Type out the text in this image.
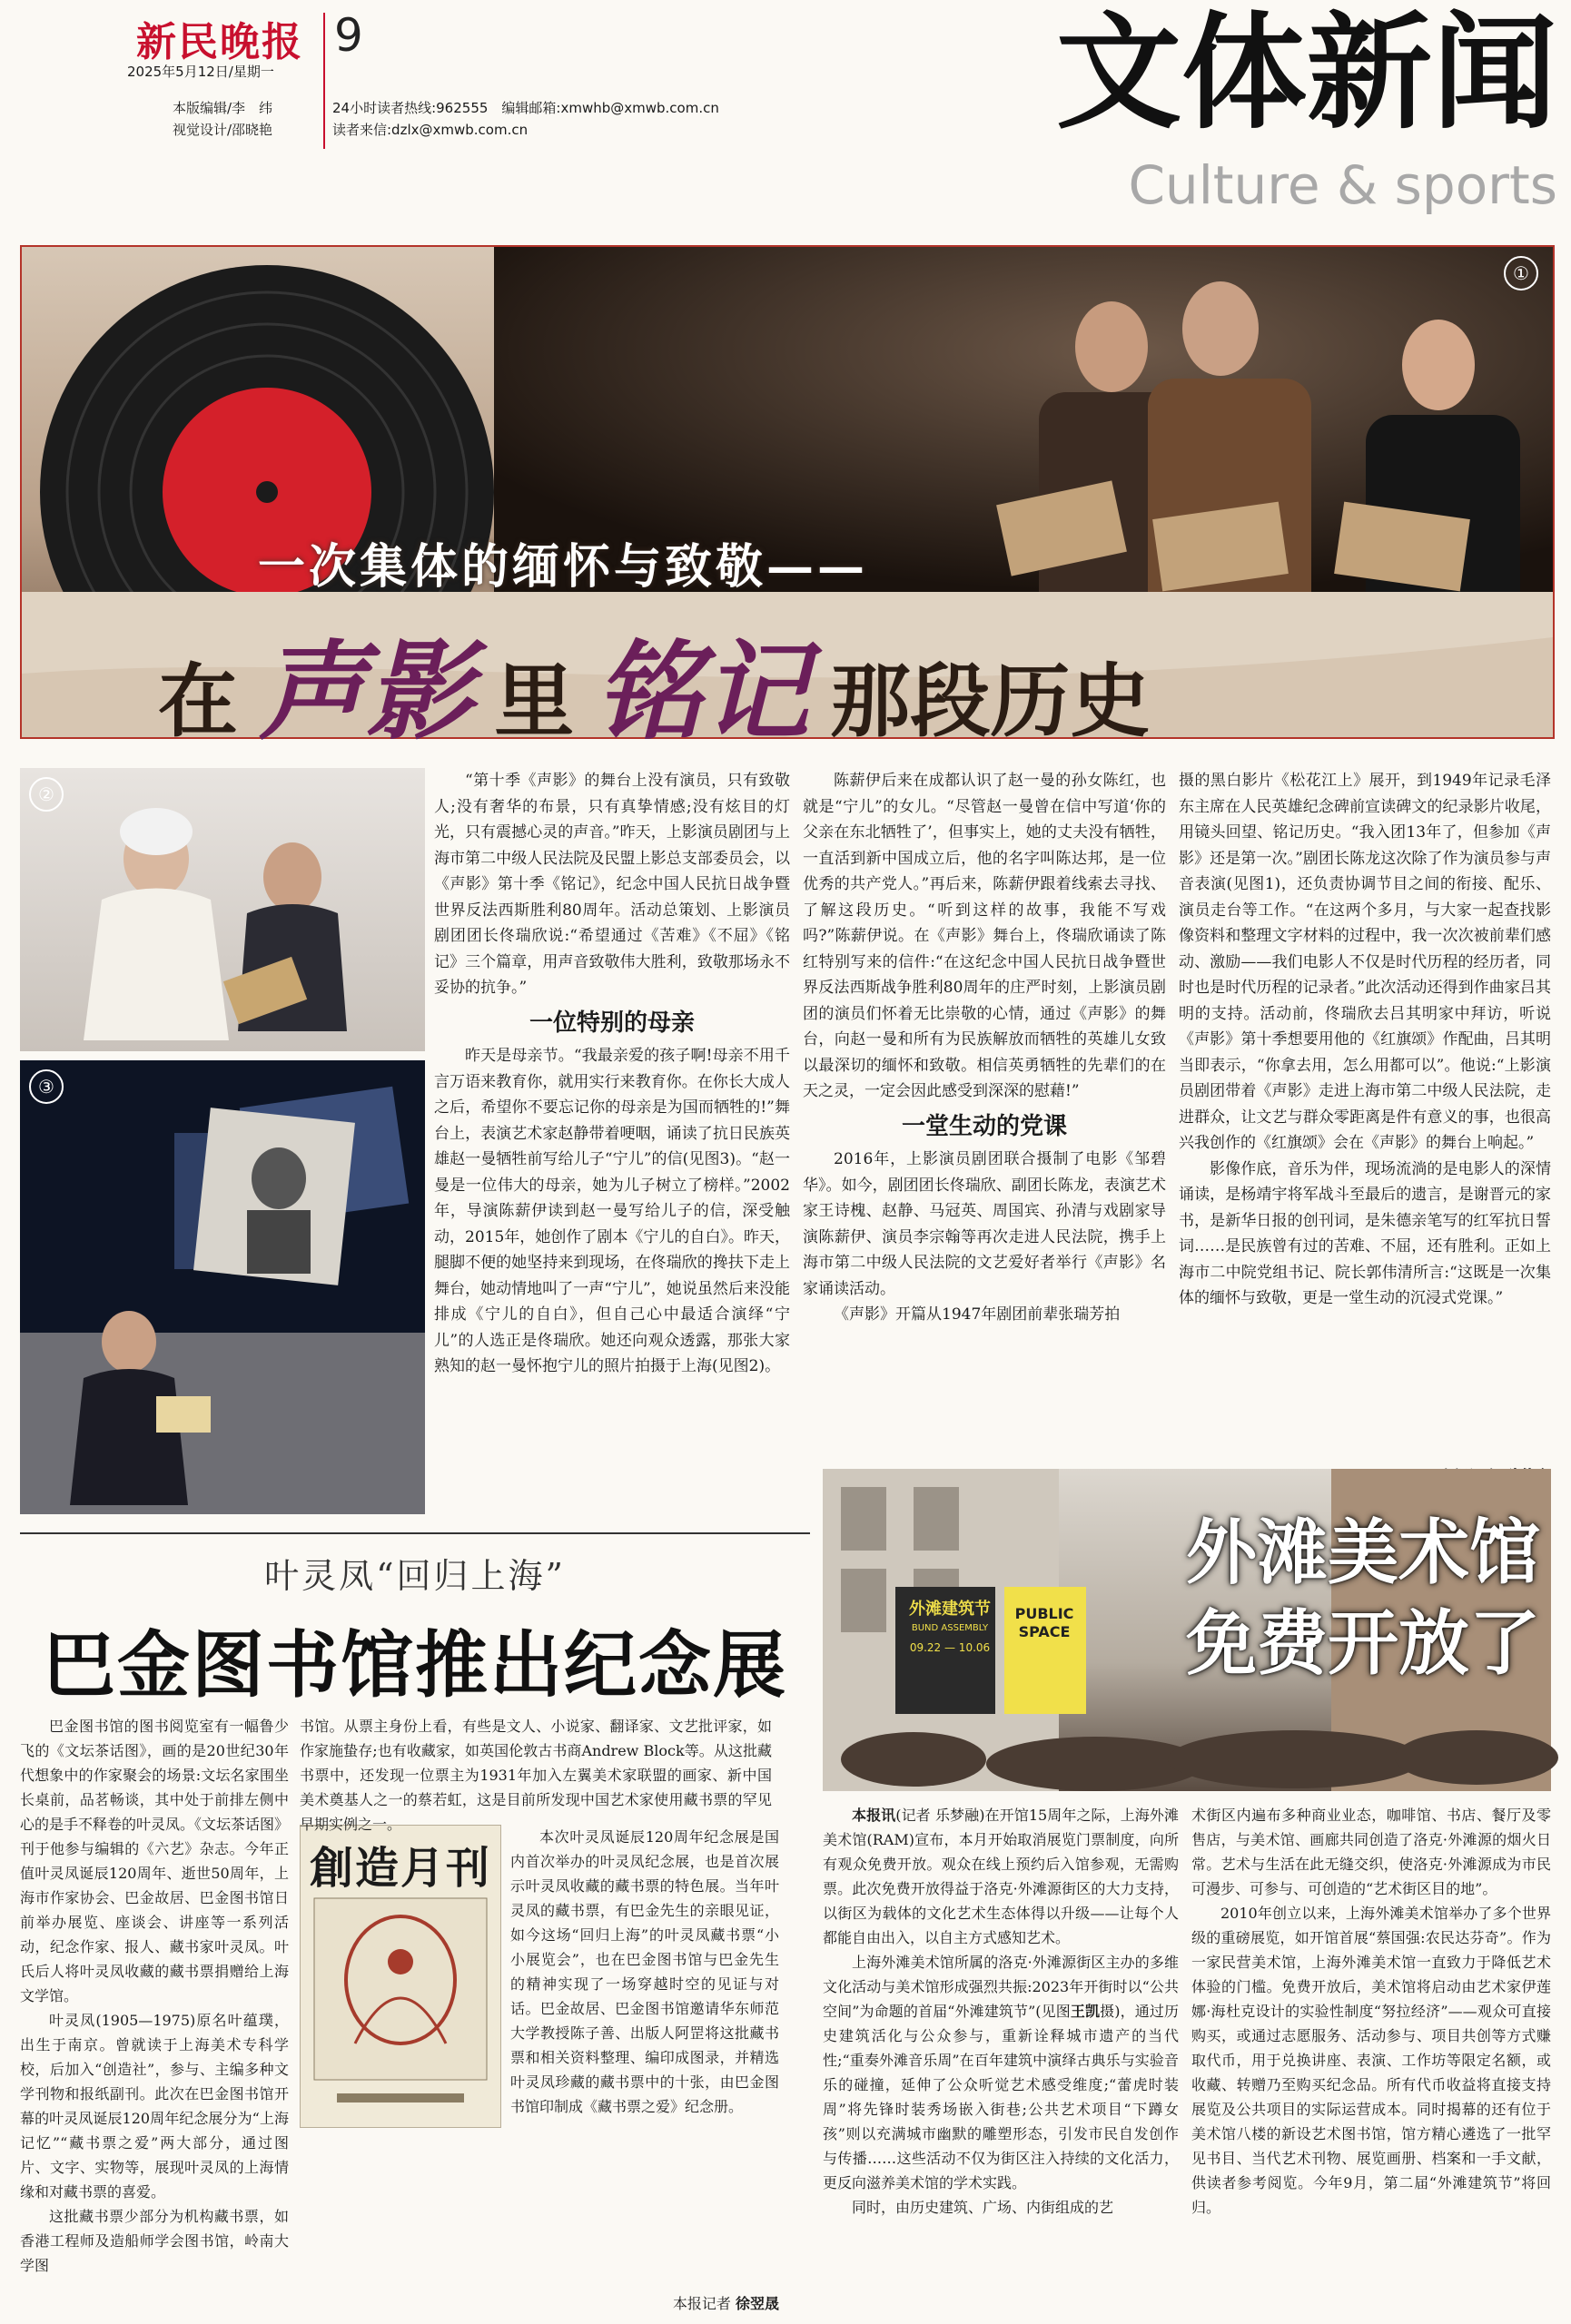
新民晚报 9
2025年5月12日/星期一
本版编辑/李　纬
视觉设计/邵晓艳
24小时读者热线:962555　编辑邮箱:xmwhb@xmwb.com.cn
读者来信:dzlx@xmwb.com.cn	文体新闻
Culture & sports
①
一次集体的缅怀与致敬——
在 声影 里 铭记 那段历史
②
③

“第十季《声影》的舞台上没有演员，只有致敬人;没有奢华的布景，只有真挚情感;没有炫目的灯光，只有震撼心灵的声音。”昨天，上影演员剧团与上海市第二中级人民法院及民盟上影总支部委员会，以《声影》第十季《铭记》，纪念中国人民抗日战争暨世界反法西斯胜利80周年。活动总策划、上影演员剧团团长佟瑞欣说:“希望通过《苦难》《不屈》《铭记》三个篇章，用声音致敬伟大胜利，致敬那场永不妥协的抗争。”

一位特别的母亲

昨天是母亲节。“我最亲爱的孩子啊!母亲不用千言万语来教育你，就用实行来教育你。在你长大成人之后，希望你不要忘记你的母亲是为国而牺牲的!”舞台上，表演艺术家赵静带着哽咽，诵读了抗日民族英雄赵一曼牺牲前写给儿子“宁儿”的信(见图3)。“赵一曼是一位伟大的母亲，她为儿子树立了榜样。”2002年，导演陈薪伊读到赵一曼写给儿子的信，深受触动，2015年，她创作了剧本《宁儿的自白》。昨天，腿脚不便的她坚持来到现场，在佟瑞欣的搀扶下走上舞台，她动情地叫了一声“宁儿”，她说虽然后来没能排成《宁儿的自白》，但自己心中最适合演绎“宁儿”的人选正是佟瑞欣。她还向观众透露，那张大家熟知的赵一曼怀抱宁儿的照片拍摄于上海(见图2)。

陈薪伊后来在成都认识了赵一曼的孙女陈红，也就是“宁儿”的女儿。“尽管赵一曼曾在信中写道‘你的父亲在东北牺牲了’，但事实上，她的丈夫没有牺牲，一直活到新中国成立后，他的名字叫陈达邦，是一位优秀的共产党人。”再后来，陈薪伊跟着线索去寻找、了解这段历史。“听到这样的故事，我能不写戏吗?”陈薪伊说。在《声影》舞台上，佟瑞欣诵读了陈红特别写来的信件:“在这纪念中国人民抗日战争暨世界反法西斯战争胜利80周年的庄严时刻，上影演员剧团的演员们怀着无比崇敬的心情，通过《声影》的舞台，向赵一曼和所有为民族解放而牺牲的英雄儿女致以最深切的缅怀和致敬。相信英勇牺牲的先辈们的在天之灵，一定会因此感受到深深的慰藉!”

一堂生动的党课

2016年，上影演员剧团联合摄制了电影《邹碧华》。如今，剧团团长佟瑞欣、副团长陈龙，表演艺术家王诗槐、赵静、马冠英、周国宾、孙清与戏剧家导演陈薪伊、演员李宗翰等再次走进人民法院，携手上海市第二中级人民法院的文艺爱好者举行《声影》名家诵读活动。

《声影》开篇从1947年剧团前辈张瑞芳拍

摄的黑白影片《松花江上》展开，到1949年记录毛泽东主席在人民英雄纪念碑前宣读碑文的纪录影片收尾，用镜头回望、铭记历史。“我入团13年了，但参加《声影》还是第一次。”剧团长陈龙这次除了作为演员参与声音表演(见图1)，还负责协调节目之间的衔接、配乐、演员走台等工作。“在这两个多月，与大家一起查找影像资料和整理文字材料的过程中，我一次次被前辈们感动、激励——我们电影人不仅是时代历程的经历者，同时也是时代历程的记录者。”此次活动还得到作曲家吕其明的支持。活动前，佟瑞欣去吕其明家中拜访，听说《声影》第十季想要用他的《红旗颂》作配曲，吕其明当即表示，“你拿去用，怎么用都可以”。他说:“上影演员剧团带着《声影》走进上海市第二中级人民法院，走进群众，让文艺与群众零距离是件有意义的事，也很高兴我创作的《红旗颂》会在《声影》的舞台上响起。”

影像作底，音乐为伴，现场流淌的是电影人的深情诵读，是杨靖宇将军战斗至最后的遗言，是谢晋元的家书，是新华日报的创刊词，是朱德亲笔写的红军抗日誓词……是民族曾有过的苦难、不屈，还有胜利。正如上海市二中院党组书记、院长郭伟清所言:“这既是一次集体的缅怀与致敬，更是一堂生动的沉浸式党课。”

叶灵凤“回归上海”
巴金图书馆推出纪念展

巴金图书馆的图书阅览室有一幅鲁少飞的《文坛茶话图》，画的是20世纪30年代想象中的作家聚会的场景:文坛名家围坐长桌前，品茗畅谈，其中处于前排左侧中心的是手不释卷的叶灵凤。《文坛茶话图》刊于他参与编辑的《六艺》杂志。今年正值叶灵凤诞辰120周年、逝世50周年，上海市作家协会、巴金故居、巴金图书馆日前举办展览、座谈会、讲座等一系列活动，纪念作家、报人、藏书家叶灵凤。叶氏后人将叶灵凤收藏的藏书票捐赠给上海文学馆。

叶灵凤(1905—1975)原名叶蕴璞，出生于南京。曾就读于上海美术专科学校，后加入“创造社”，参与、主编多种文学刊物和报纸副刊。此次在巴金图书馆开幕的叶灵凤诞辰120周年纪念展分为“上海记忆”“藏书票之爱”两大部分，通过图片、文字、实物等，展现叶灵凤的上海情缘和对藏书票的喜爱。

这批藏书票少部分为机构藏书票，如香港工程师及造船师学会图书馆，岭南大学图

創造月刊

书馆。从票主身份上看，有些是文人、小说家、翻译家、文艺批评家，如作家施蛰存;也有收藏家，如英国伦敦古书商Andrew Block等。从这批藏书票中，还发现一位票主为1931年加入左翼美术家联盟的画家、新中国美术奠基人之一的蔡若虹，这是目前所发现中国艺术家使用藏书票的罕见早期实例之一。

本次叶灵凤诞辰120周年纪念展是国内首次举办的叶灵凤纪念展，也是首次展示叶灵凤收藏的藏书票的特色展。当年叶灵凤的藏书票，有巴金先生的亲眼见证，如今这场“回归上海”的叶灵凤藏书票“小小展览会”，也在巴金图书馆与巴金先生的精神实现了一场穿越时空的见证与对话。巴金故居、巴金图书馆邀请华东师范大学教授陈子善、出版人阿罡将这批藏书票和相关资料整理、编印成图录，并精选叶灵凤珍藏的藏书票中的十张，由巴金图书馆印制成《藏书票之爱》纪念册。

本报记者 徐翌晟
外滩建筑节
BUND ASSEMBLY
09.22 — 10.06
PUBLIC SPACE
外滩美术馆
免费开放了

本报讯(记者 乐梦融)在开馆15周年之际，上海外滩美术馆(RAM)宣布，本月开始取消展览门票制度，向所有观众免费开放。观众在线上预约后入馆参观，无需购票。此次免费开放得益于洛克·外滩源街区的大力支持，以街区为载体的文化艺术生态体得以升级——让每个人都能自由出入，以自主方式感知艺术。

上海外滩美术馆所属的洛克·外滩源街区主办的多维文化活动与美术馆形成强烈共振:2023年开街时以“公共空间”为命题的首届“外滩建筑节”(见图王凯摄)，通过历史建筑活化与公众参与，重新诠释城市遗产的当代性;“重奏外滩音乐周”在百年建筑中演绎古典乐与实验音乐的碰撞，延伸了公众听觉艺术感受维度;“蕾虎时装周”将先锋时装秀场嵌入街巷;公共艺术项目“下蹲女孩”则以充满城市幽默的雕塑形态，引发市民自发创作与传播……这些活动不仅为街区注入持续的文化活力，更反向滋养美术馆的学术实践。

同时，由历史建筑、广场、内街组成的艺

术街区内遍布多种商业业态，咖啡馆、书店、餐厅及零售店，与美术馆、画廊共同创造了洛克·外滩源的烟火日常。艺术与生活在此无缝交织，使洛克·外滩源成为市民可漫步、可参与、可创造的“艺术街区目的地”。

2010年创立以来，上海外滩美术馆举办了多个世界级的重磅展览，如开馆首展“蔡国强:农民达芬奇”。作为一家民营美术馆，上海外滩美术馆一直致力于降低艺术体验的门槛。免费开放后，美术馆将启动由艺术家伊莲娜·海杜克设计的实验性制度“努拉经济”——观众可直接购买，或通过志愿服务、活动参与、项目共创等方式赚取代币，用于兑换讲座、表演、工作坊等限定名额，或收藏、转赠乃至购买纪念品。所有代币收益将直接支持展览及公共项目的实际运营成本。同时揭幕的还有位于美术馆八楼的新设艺术图书馆，馆方精心遴选了一批罕见书目、当代艺术刊物、展览画册、档案和一手文献，供读者参考阅览。今年9月，第二届“外滩建筑节”将回归。
